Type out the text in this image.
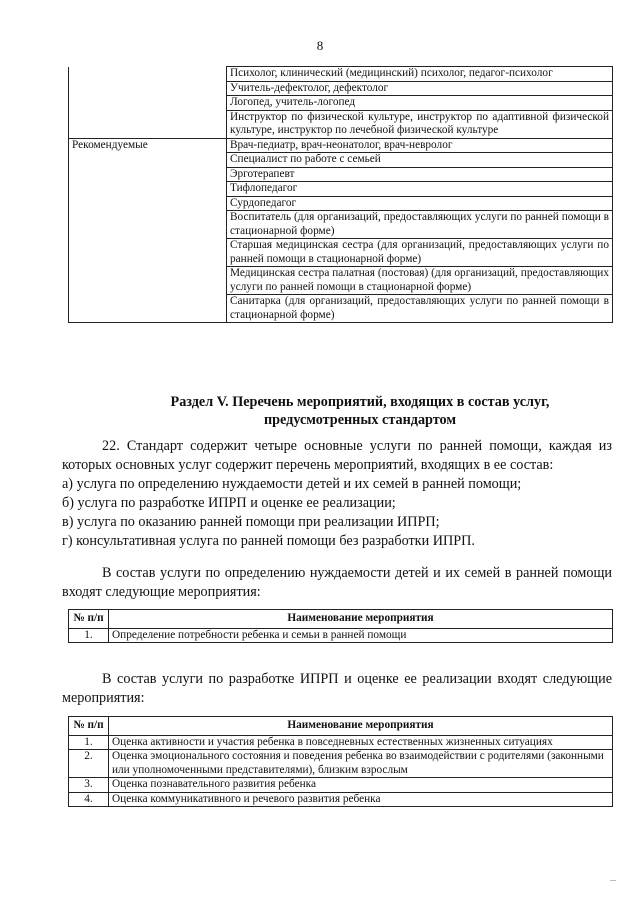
8
	Психолог, клинический (медицинский) психолог, педагог-психолог
	Учитель-дефектолог, дефектолог
	Логопед, учитель-логопед
	Инструктор по физической культуре, инструктор по адаптивной физической культуре, инструктор по лечебной физической культуре
Рекомендуемые	Врач-педиатр, врач-неонатолог, врач-невролог
	Специалист по работе с семьей
	Эрготерапевт
	Тифлопедагог
	Сурдопедагог
	Воспитатель (для организаций, предоставляющих услуги по ранней помощи в стационарной форме)
	Старшая медицинская сестра (для организаций, предоставляющих услуги по ранней помощи в стационарной форме)
	Медицинская сестра палатная (постовая) (для организаций, предоставляющих услуги по ранней помощи в стационарной форме)
	Санитарка (для организаций, предоставляющих услуги по ранней помощи в стационарной форме)
Раздел V. Перечень мероприятий, входящих в состав услуг,
предусмотренных стандартом

22. Стандарт содержит четыре основные услуги по ранней помощи, каждая из которых основных услуг содержит перечень мероприятий, входящих в ее состав:

а) услуга по определению нуждаемости детей и их семей в ранней помощи;

б) услуга по разработке ИПРП и оценке ее реализации;

в) услуга по оказанию ранней помощи при реализации ИПРП;

г) консультативная услуга по ранней помощи без разработки ИПРП.

В состав услуги по определению нуждаемости детей и их семей в ранней помощи входят следующие мероприятия:

№ п/п	Наименование мероприятия
1.	Определение потребности ребенка и семьи в ранней помощи

В состав услуги по разработке ИПРП и оценке ее реализации входят следующие мероприятия:

№ п/п	Наименование мероприятия
1.	Оценка активности и участия ребенка в повседневных естественных жизненных ситуациях
2.	Оценка эмоционального состояния и поведения ребенка во взаимодействии с родителями (законными или уполномоченными представителями), близким взрослым
3.	Оценка познавательного развития ребенка
4.	Оценка коммуникативного и речевого развития ребенка
